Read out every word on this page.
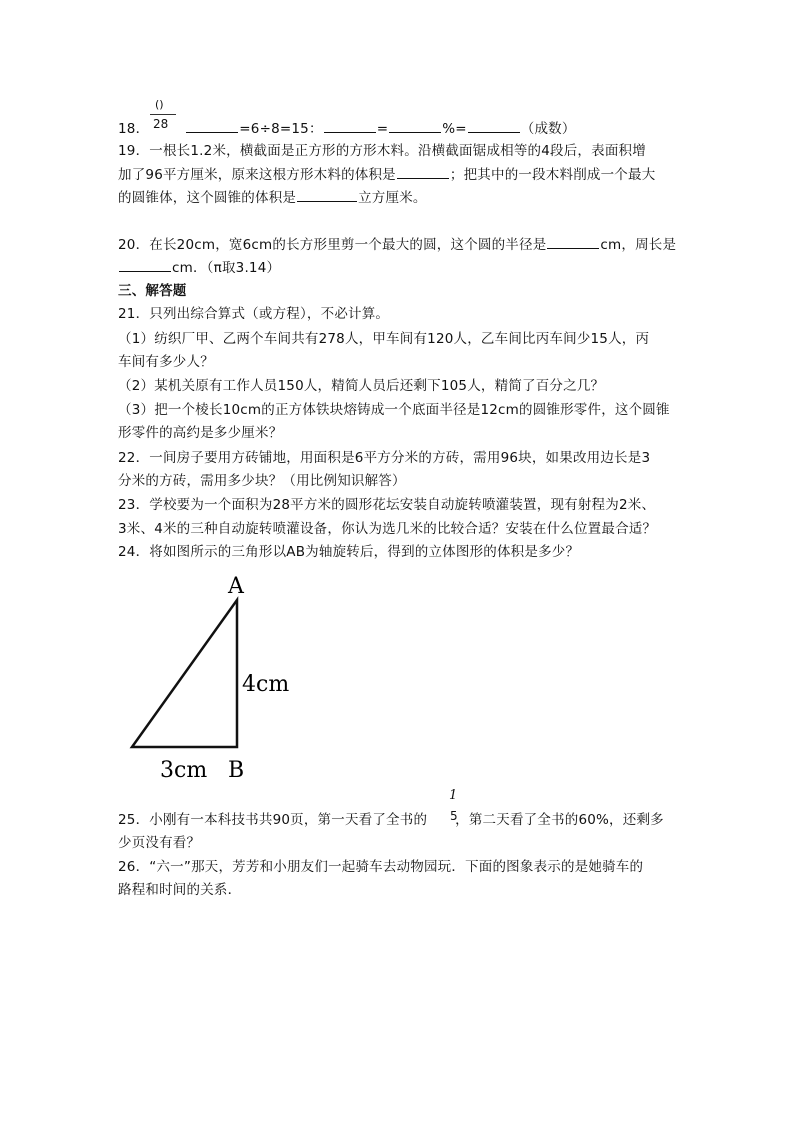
()
28
18．	=6÷8=15：	=	%=	（成数）
19．一根长1.2米，横截面是正方形的方形木料。沿横截面锯成相等的4段后，表面积增
加了96平方厘米，原来这根方形木料的体积是	；把其中的一段木料削成一个最大
的圆锥体，这个圆锥的体积是	立方厘米。
20．在长20cm，宽6cm的长方形里剪一个最大的圆，这个圆的半径是	cm，周长是
cm．（π取3.14）
三、解答题
21．只列出综合算式（或方程），不必计算。
（1）纺织厂甲、乙两个车间共有278人，甲车间有120人，乙车间比丙车间少15人，丙
车间有多少人？
（2）某机关原有工作人员150人，精简人员后还剩下105人，精简了百分之几？
（3）把一个棱长10cm的正方体铁块熔铸成一个底面半径是12cm的圆锥形零件，这个圆锥
形零件的高约是多少厘米？
22．一间房子要用方砖铺地，用面积是6平方分米的方砖，需用96块，如果改用边长是3
分米的方砖，需用多少块？（用比例知识解答）
23．学校要为一个面积为28平方米的圆形花坛安装自动旋转喷灌装置，现有射程为2米、
3米、4米的三种自动旋转喷灌设备，你认为选几米的比较合适？安装在什么位置最合适？
24．将如图所示的三角形以AB为轴旋转后，得到的立体图形的体积是多少？
A
B
4cm
3cm
1
5
25．小刚有一本科技书共90页，第一天看了全书的 ，第二天看了全书的60%，还剩多
少页没有看？
26．“六一”那天，芳芳和小朋友们一起骑车去动物园玩．下面的图象表示的是她骑车的
路程和时间的关系．
